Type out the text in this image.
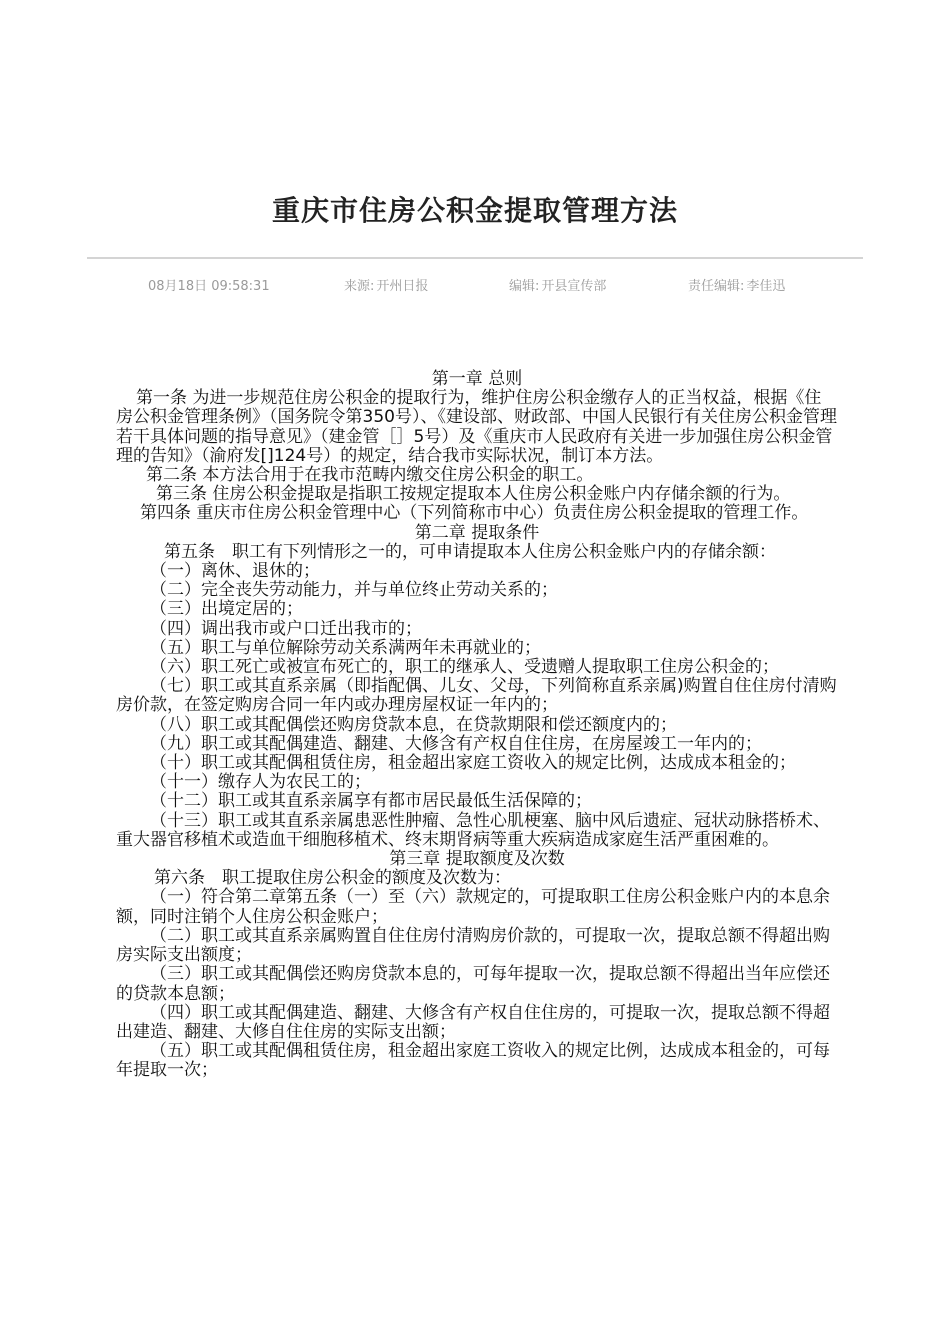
重庆市住房公积金提取管理方法
08月18日 09:58:31	来源: 开州日报	编辑: 开县宣传部	责任编辑: 李佳迅

第一章 总则

第一条 为进一步规范住房公积金的提取行为，维护住房公积金缴存人的正当权益，根据《住房公积金管理条例》（国务院令第350号）、《建设部、财政部、中国人民银行有关住房公积金管理若干具体问题的指导意见》（建金管［］5号）及《重庆市人民政府有关进一步加强住房公积金管理的告知》（渝府发[]124号）的规定，结合我市实际状况，制订本方法。

第二条 本方法合用于在我市范畴内缴交住房公积金的职工。

第三条 住房公积金提取是指职工按规定提取本人住房公积金账户内存储余额的行为。

第四条 重庆市住房公积金管理中心（下列简称市中心）负责住房公积金提取的管理工作。

第二章 提取条件

第五条　职工有下列情形之一的，可申请提取本人住房公积金账户内的存储余额：

（一）离休、退休的；

（二）完全丧失劳动能力，并与单位终止劳动关系的；

（三）出境定居的；

（四）调出我市或户口迁出我市的；

（五）职工与单位解除劳动关系满两年未再就业的；

（六）职工死亡或被宣布死亡的，职工的继承人、受遗赠人提取职工住房公积金的；

（七）职工或其直系亲属（即指配偶、儿女、父母，下列简称直系亲属)购置自住住房付清购房价款，在签定购房合同一年内或办理房屋权证一年内的；

（八）职工或其配偶偿还购房贷款本息，在贷款期限和偿还额度内的；

（九）职工或其配偶建造、翻建、大修含有产权自住住房，在房屋竣工一年内的；

（十）职工或其配偶租赁住房，租金超出家庭工资收入的规定比例，达成成本租金的；

（十一）缴存人为农民工的；

（十二）职工或其直系亲属享有都市居民最低生活保障的；

（十三）职工或其直系亲属患恶性肿瘤、急性心肌梗塞、脑中风后遗症、冠状动脉搭桥术、重大器官移植术或造血干细胞移植术、终末期肾病等重大疾病造成家庭生活严重困难的。

第三章 提取额度及次数

第六条　职工提取住房公积金的额度及次数为：

（一）符合第二章第五条（一）至（六）款规定的，可提取职工住房公积金账户内的本息余额，同时注销个人住房公积金账户；

（二）职工或其直系亲属购置自住住房付清购房价款的，可提取一次，提取总额不得超出购房实际支出额度；

（三）职工或其配偶偿还购房贷款本息的，可每年提取一次，提取总额不得超出当年应偿还的贷款本息额；

（四）职工或其配偶建造、翻建、大修含有产权自住住房的，可提取一次，提取总额不得超出建造、翻建、大修自住住房的实际支出额；

（五）职工或其配偶租赁住房，租金超出家庭工资收入的规定比例，达成成本租金的，可每年提取一次；
